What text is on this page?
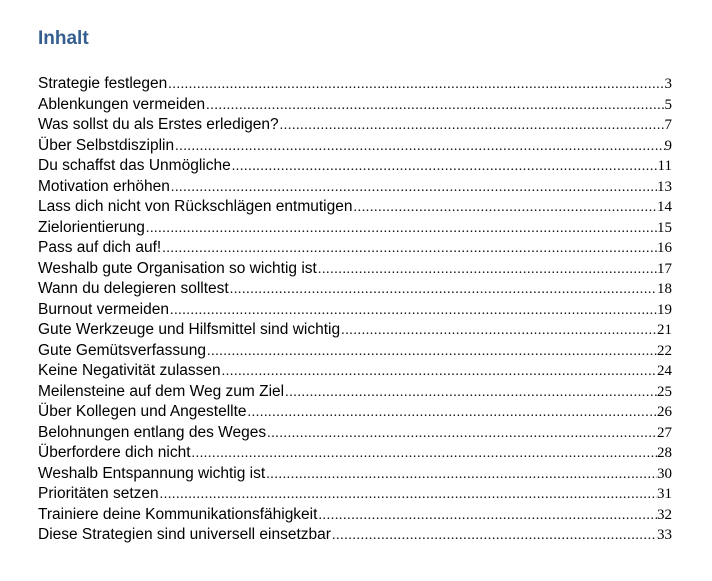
Inhalt
Strategie festlegen .....	3
Ablenkungen vermeiden .....	5
Was sollst du als Erstes erledigen? .....	7
Über Selbstdisziplin .....	9
Du schaffst das Unmögliche .....	11
Motivation erhöhen .....	13
Lass dich nicht von Rückschlägen entmutigen .....	14
Zielorientierung .....	15
Pass auf dich auf! .....	16
Weshalb gute Organisation so wichtig ist .....	17
Wann du delegieren solltest .....	18
Burnout vermeiden .....	19
Gute Werkzeuge und Hilfsmittel sind wichtig .....	21
Gute Gemütsverfassung .....	22
Keine Negativität zulassen .....	24
Meilensteine auf dem Weg zum Ziel .....	25
Über Kollegen und Angestellte .....	26
Belohnungen entlang des Weges .....	27
Überfordere dich nicht .....	28
Weshalb Entspannung wichtig ist .....	30
Prioritäten setzen .....	31
Trainiere deine Kommunikationsfähigkeit .....	32
Diese Strategien sind universell einsetzbar .....	33
